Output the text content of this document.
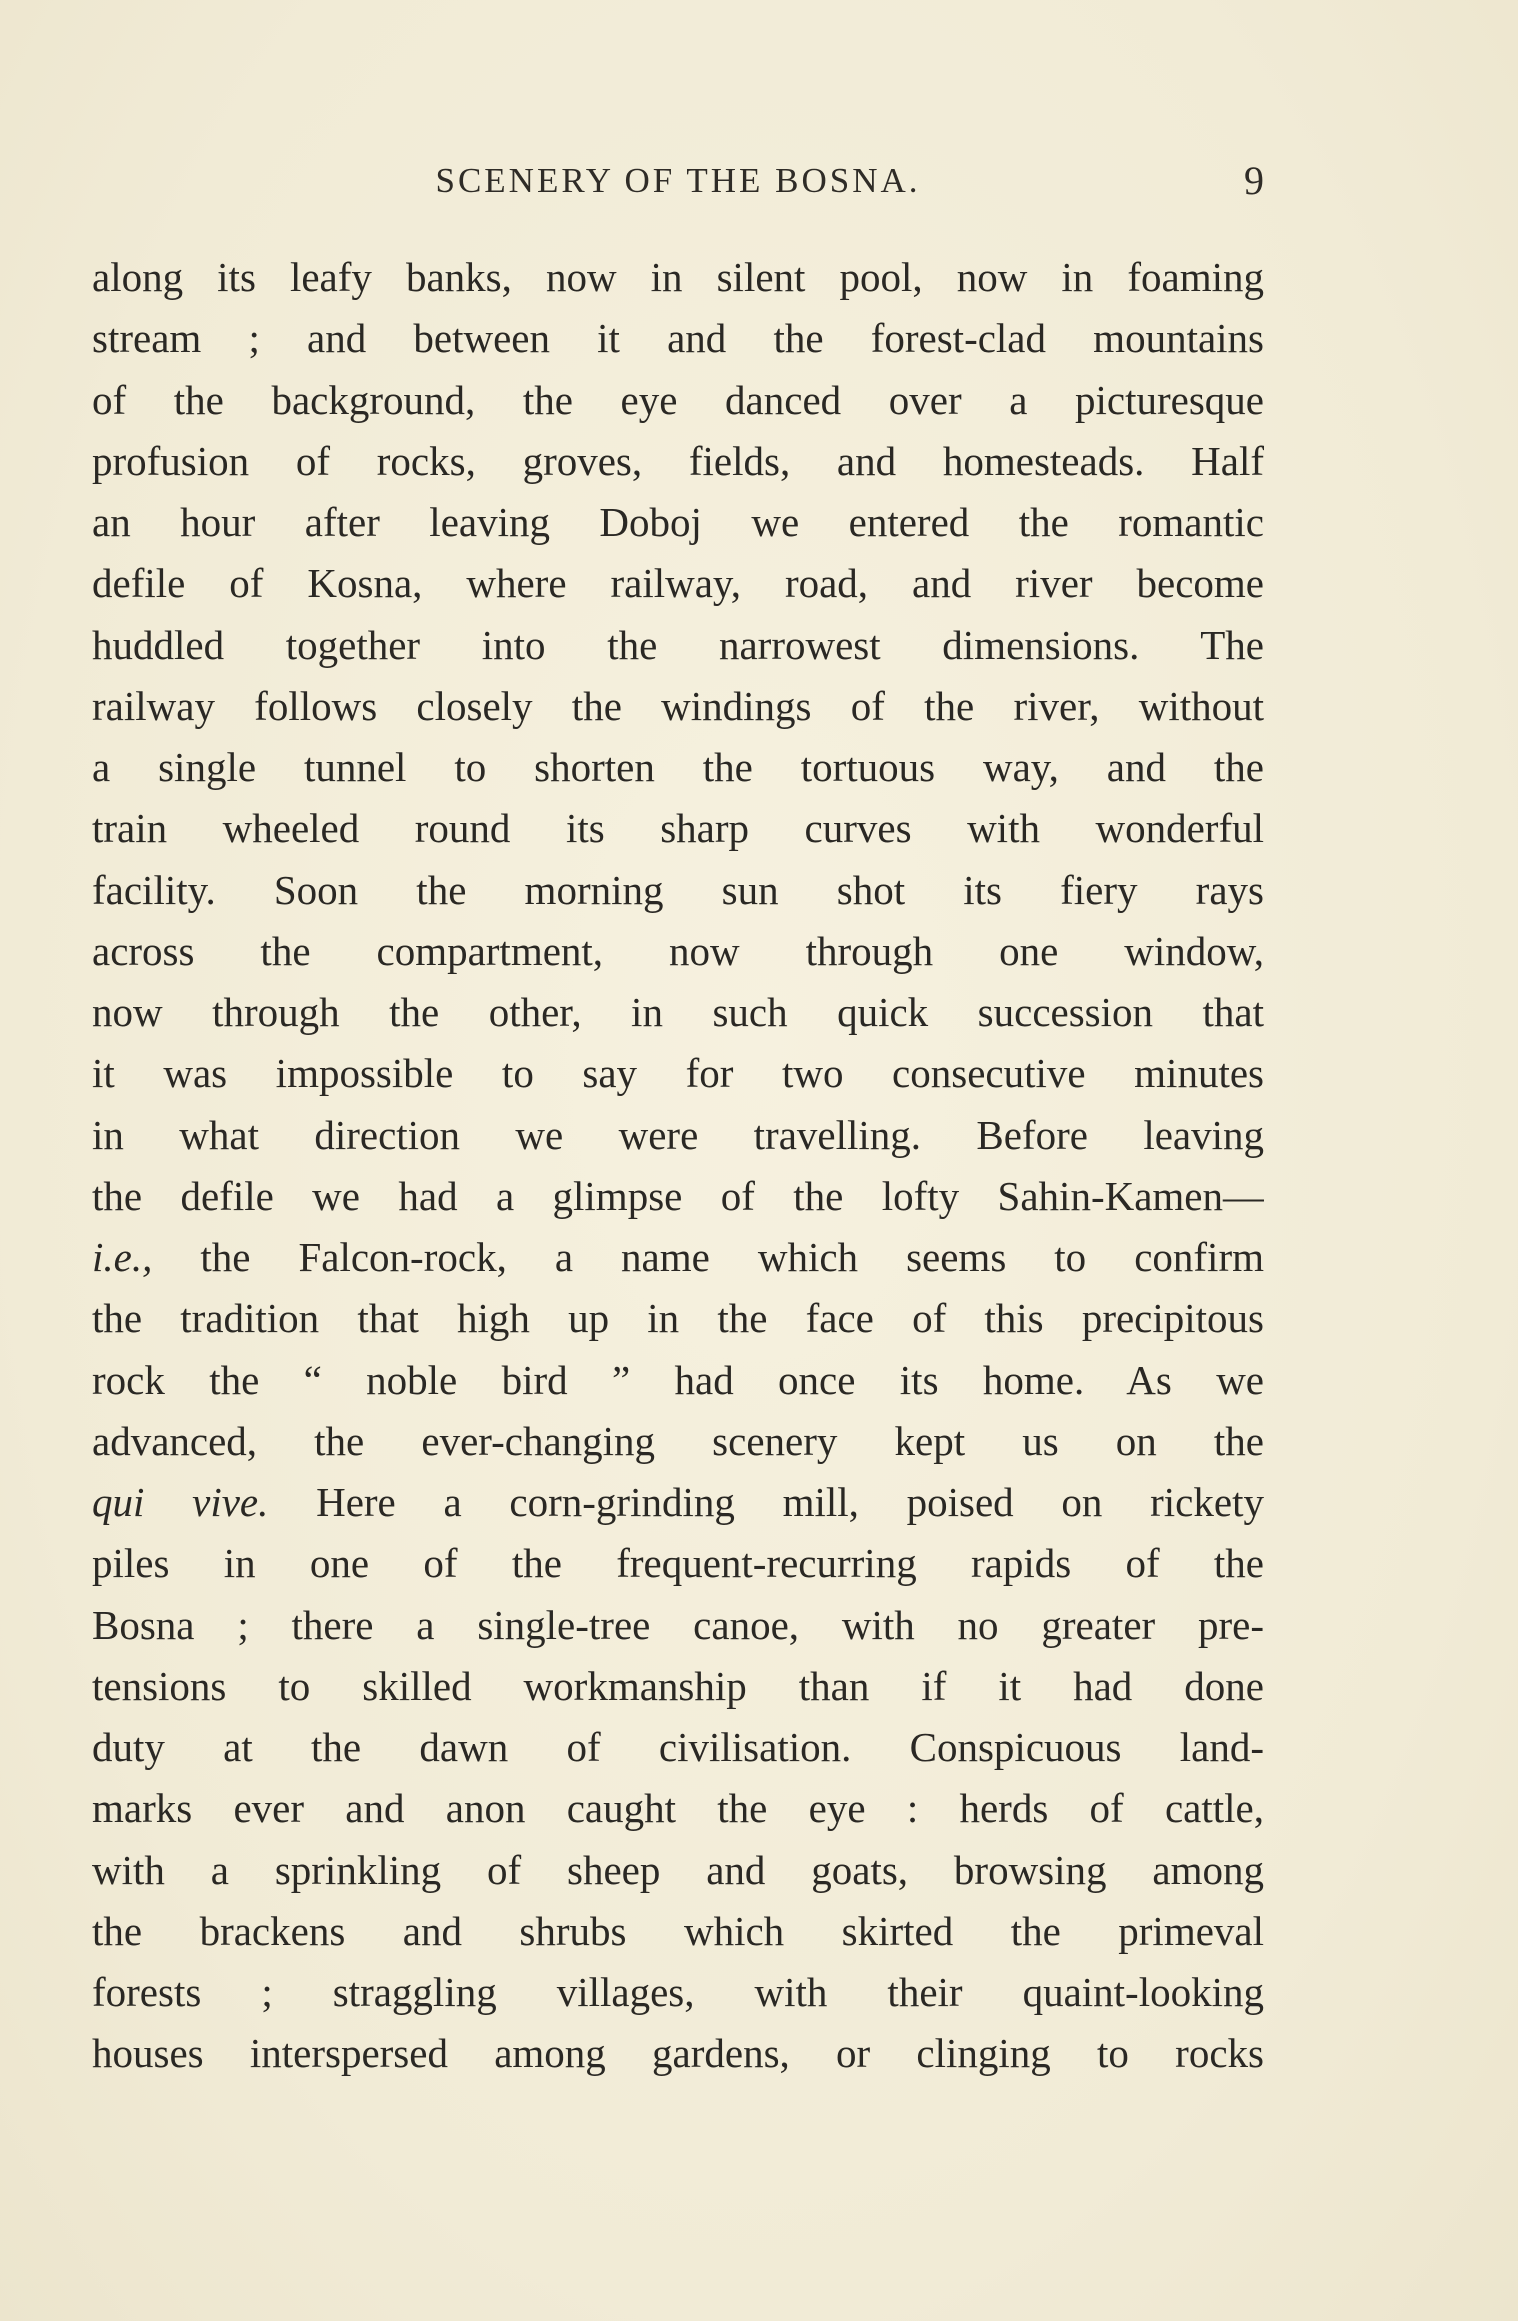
SCENERY OF THE BOSNA.	9
along its leafy banks, now in silent pool, now in foaming
stream ; and between it and the forest-clad mountains
of the background, the eye danced over a picturesque
profusion of rocks, groves, fields, and homesteads. Half
an hour after leaving Doboj we entered the romantic
defile of Kosna, where railway, road, and river become
huddled together into the narrowest dimensions. The
railway follows closely the windings of the river, without
a single tunnel to shorten the tortuous way, and the
train wheeled round its sharp curves with wonderful
facility. Soon the morning sun shot its fiery rays
across the compartment, now through one window,
now through the other, in such quick succession that
it was impossible to say for two consecutive minutes
in what direction we were travelling. Before leaving
the defile we had a glimpse of the lofty Sahin-Kamen—
i.e., the Falcon-rock, a name which seems to confirm
the tradition that high up in the face of this precipitous
rock the “ noble bird ” had once its home. As we
advanced, the ever-changing scenery kept us on the
qui vive. Here a corn-grinding mill, poised on rickety
piles in one of the frequent-recurring rapids of the
Bosna ; there a single-tree canoe, with no greater pre-
tensions to skilled workmanship than if it had done
duty at the dawn of civilisation. Conspicuous land-
marks ever and anon caught the eye : herds of cattle,
with a sprinkling of sheep and goats, browsing among
the brackens and shrubs which skirted the primeval
forests ; straggling villages, with their quaint-looking
houses interspersed among gardens, or clinging to rocks
